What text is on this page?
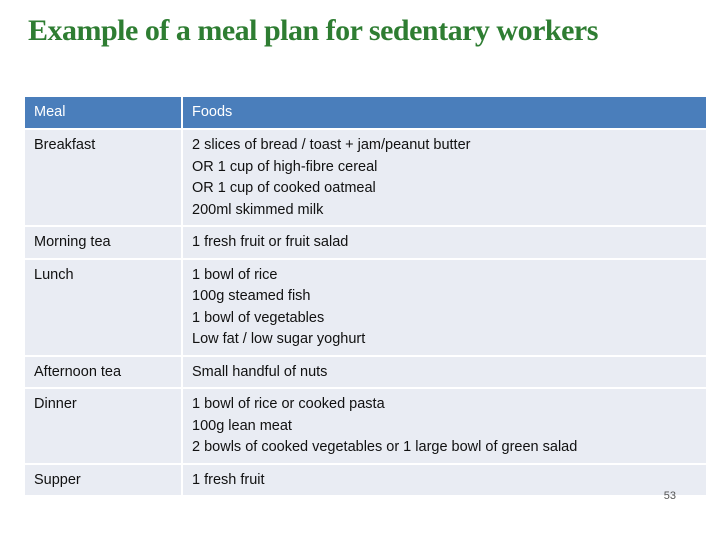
Example of a meal plan for sedentary workers
Meal	Foods
Breakfast	2 slices of bread / toast + jam/peanut butter
OR 1 cup of high-fibre cereal
OR 1 cup of cooked oatmeal
200ml skimmed milk

Morning tea	1 fresh fruit or fruit salad

Lunch	1 bowl of rice
100g steamed fish
1 bowl of vegetables
Low fat / low sugar yoghurt

Afternoon tea	Small handful of nuts

Dinner	1 bowl of rice or cooked pasta
100g lean meat
2 bowls of cooked vegetables or 1 large bowl of green salad

Supper	1 fresh fruit
53
